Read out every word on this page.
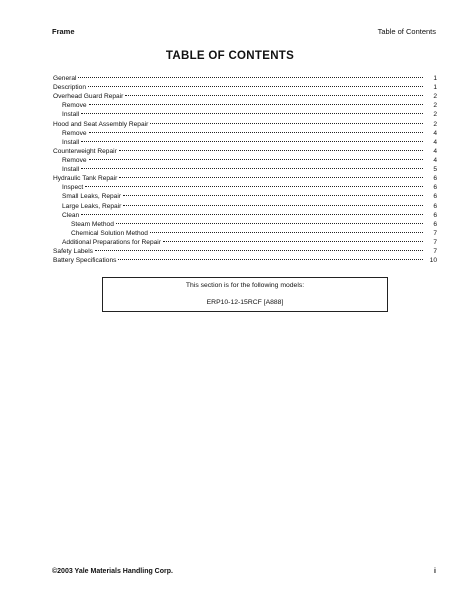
Frame	Table of Contents
TABLE OF CONTENTS
General	1
Description	1
Overhead Guard Repair	2
Remove	2
Install	2
Hood and Seat Assembly Repair	2
Remove	4
Install	4
Counterweight Repair	4
Remove	4
Install	5
Hydraulic Tank Repair	6
Inspect	6
Small Leaks, Repair	6
Large Leaks, Repair	6
Clean	6
Steam Method	6
Chemical Solution Method	7
Additional Preparations for Repair	7
Safety Labels	7
Battery Specifications	10
This section is for the following models:
ERP10-12-15RCF [A888]
©2003 Yale Materials Handling Corp.	i
